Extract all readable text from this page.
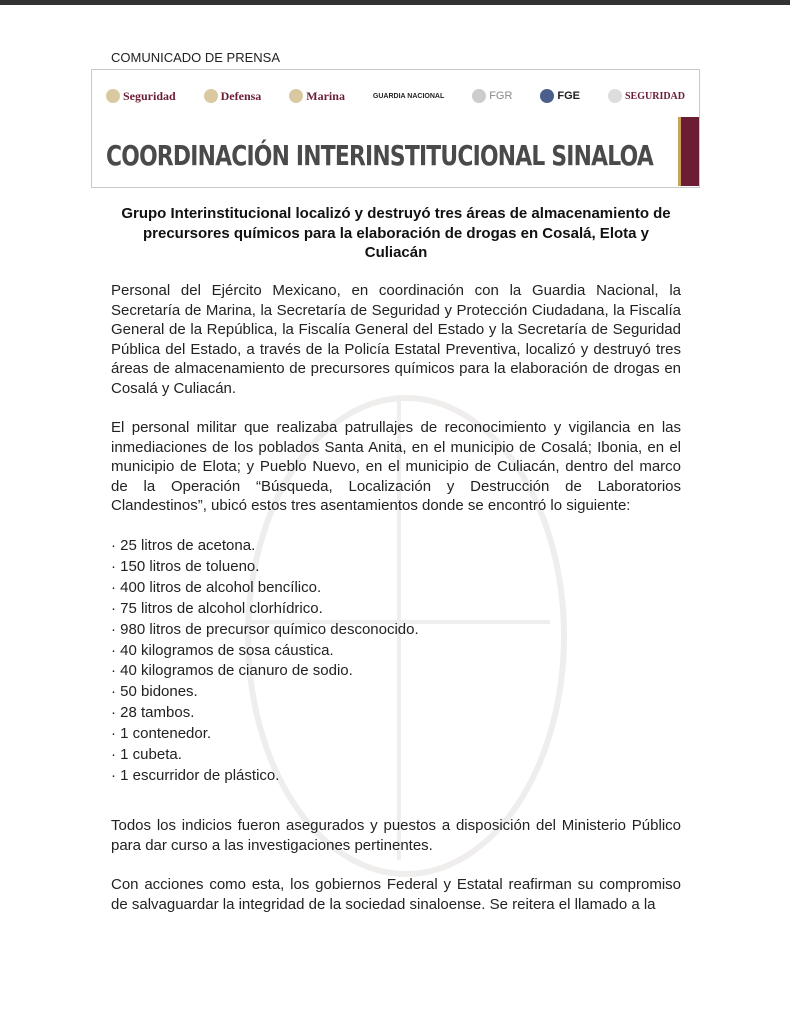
COMUNICADO DE PRENSA
Seguridad	Defensa	Marina	GUARDIA NACIONAL	FGR	FGE	SEGURIDAD
COORDINACIÓN INTERINSTITUCIONAL SINALOA
Grupo Interinstitucional localizó y destruyó tres áreas de almacenamiento de precursores químicos para la elaboración de drogas en Cosalá, Elota y Culiacán
Personal del Ejército Mexicano, en coordinación con la Guardia Nacional, la Secretaría de Marina, la Secretaría de Seguridad y Protección Ciudadana, la Fiscalía General de la República, la Fiscalía General del Estado y la Secretaría de Seguridad Pública del Estado, a través de la Policía Estatal Preventiva, localizó y destruyó tres áreas de almacenamiento de precursores químicos para la elaboración de drogas en Cosalá y Culiacán.
El personal militar que realizaba patrullajes de reconocimiento y vigilancia en las inmediaciones de los poblados Santa Anita, en el municipio de Cosalá; Ibonia, en el municipio de Elota; y Pueblo Nuevo, en el municipio de Culiacán, dentro del marco de la Operación “Búsqueda, Localización y Destrucción de Laboratorios Clandestinos”, ubicó estos tres asentamientos donde se encontró lo siguiente:
· 25 litros de acetona.
· 150 litros de tolueno.
· 400 litros de alcohol bencílico.
· 75 litros de alcohol clorhídrico.
· 980 litros de precursor químico desconocido.
· 40 kilogramos de sosa cáustica.
· 40 kilogramos de cianuro de sodio.
· 50 bidones.
· 28 tambos.
· 1 contenedor.
· 1 cubeta.
· 1 escurridor de plástico.
Todos los indicios fueron asegurados y puestos a disposición del Ministerio Público para dar curso a las investigaciones pertinentes.
Con acciones como esta, los gobiernos Federal y Estatal reafirman su compromiso de salvaguardar la integridad de la sociedad sinaloense. Se reitera el llamado a la
